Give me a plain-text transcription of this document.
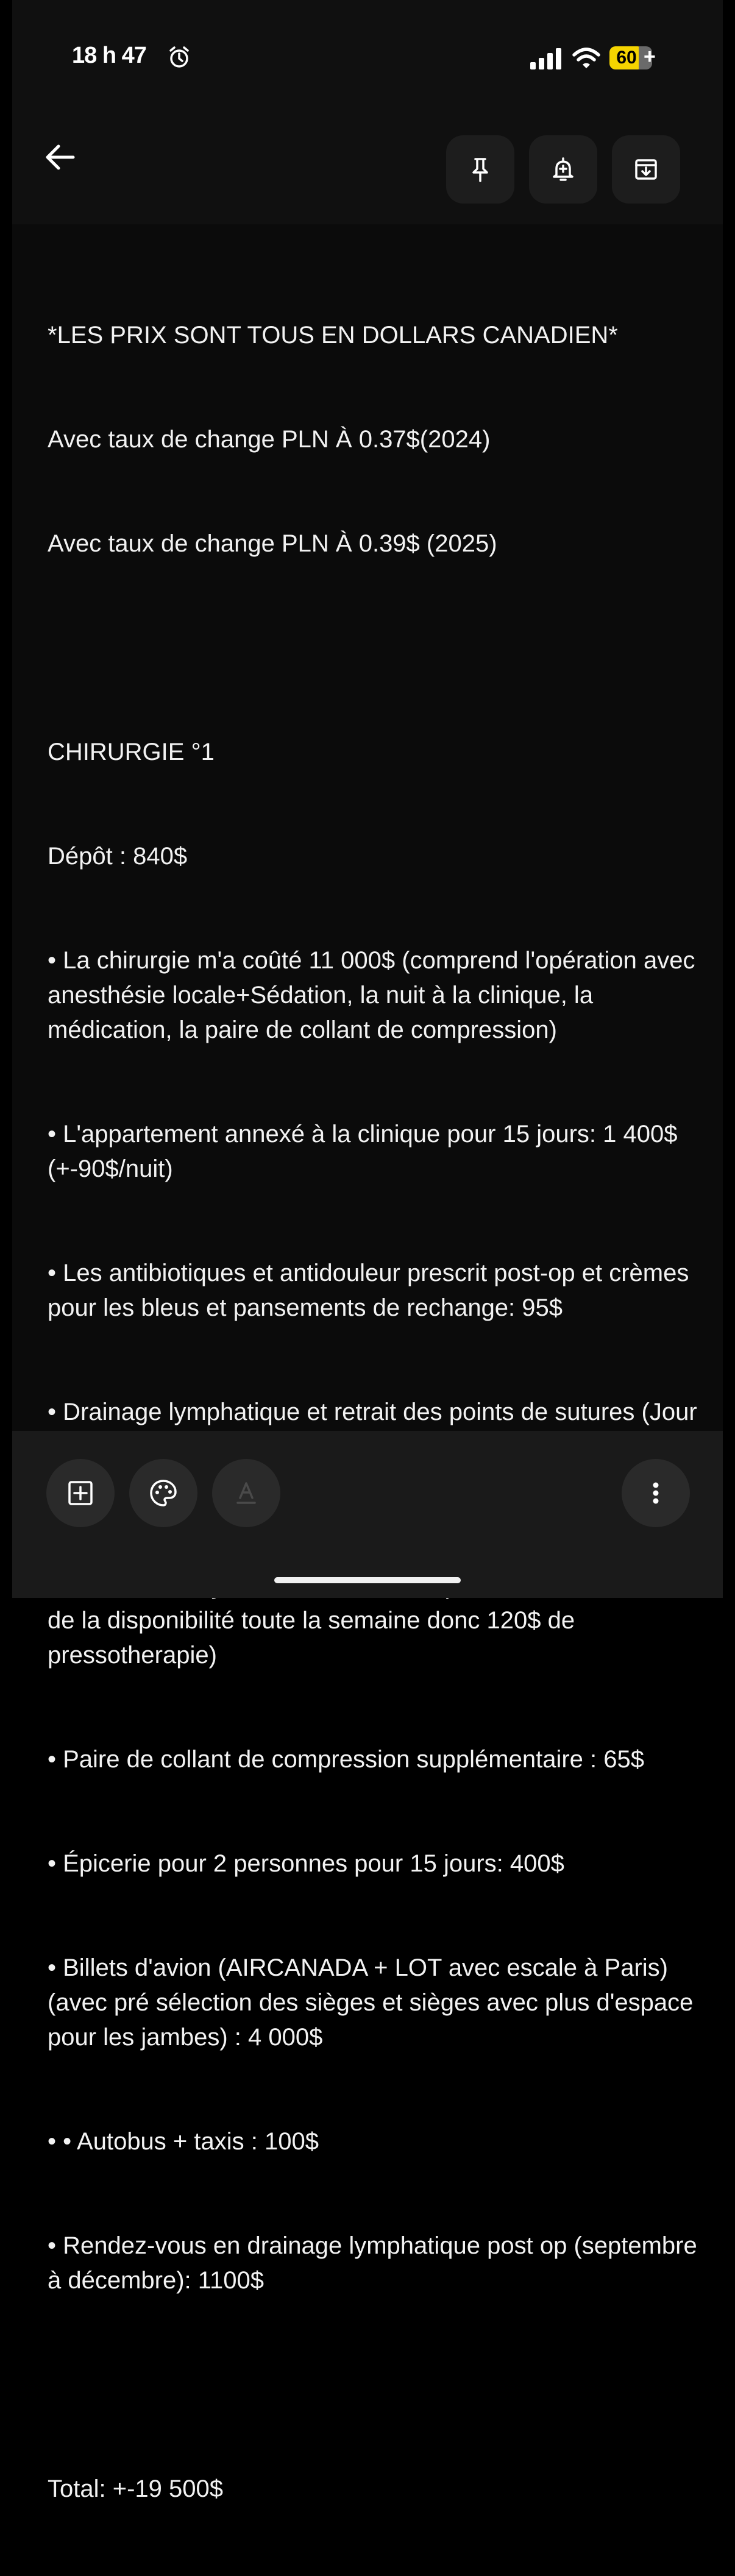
18 h 47	60 +

*LES PRIX SONT TOUS EN DOLLARS CANADIEN*

Avec taux de change PLN À 0.37$(2024)

Avec taux de change PLN À 0.39$ (2025)

CHIRURGIE °1

Dépôt : 840$

• La chirurgie m'a coûté 11 000$ (comprend l'opération avec anesthésie locale+Sédation, la nuit à la clinique, la médication, la paire de collant de compression)

• L'appartement annexé à la clinique pour 15 jours: 1 400$ (+-90$/nuit)

• Les antibiotiques et antidouleur prescrit post-op et crèmes pour les bleus et pansements de rechange: 95$

• Drainage lymphatique et retrait des points de sutures (Jour

de la disponibilité toute la semaine donc 120$ de pressotherapie)

• Paire de collant de compression supplémentaire : 65$

• Épicerie pour 2 personnes pour 15 jours: 400$

• Billets d'avion (AIRCANADA + LOT avec escale à Paris) (avec pré sélection des sièges et sièges avec plus d'espace pour les jambes) : 4 000$

• • Autobus + taxis : 100$

• Rendez-vous en drainage lymphatique post op (septembre à décembre): 1100$

Total: +-19 500$
